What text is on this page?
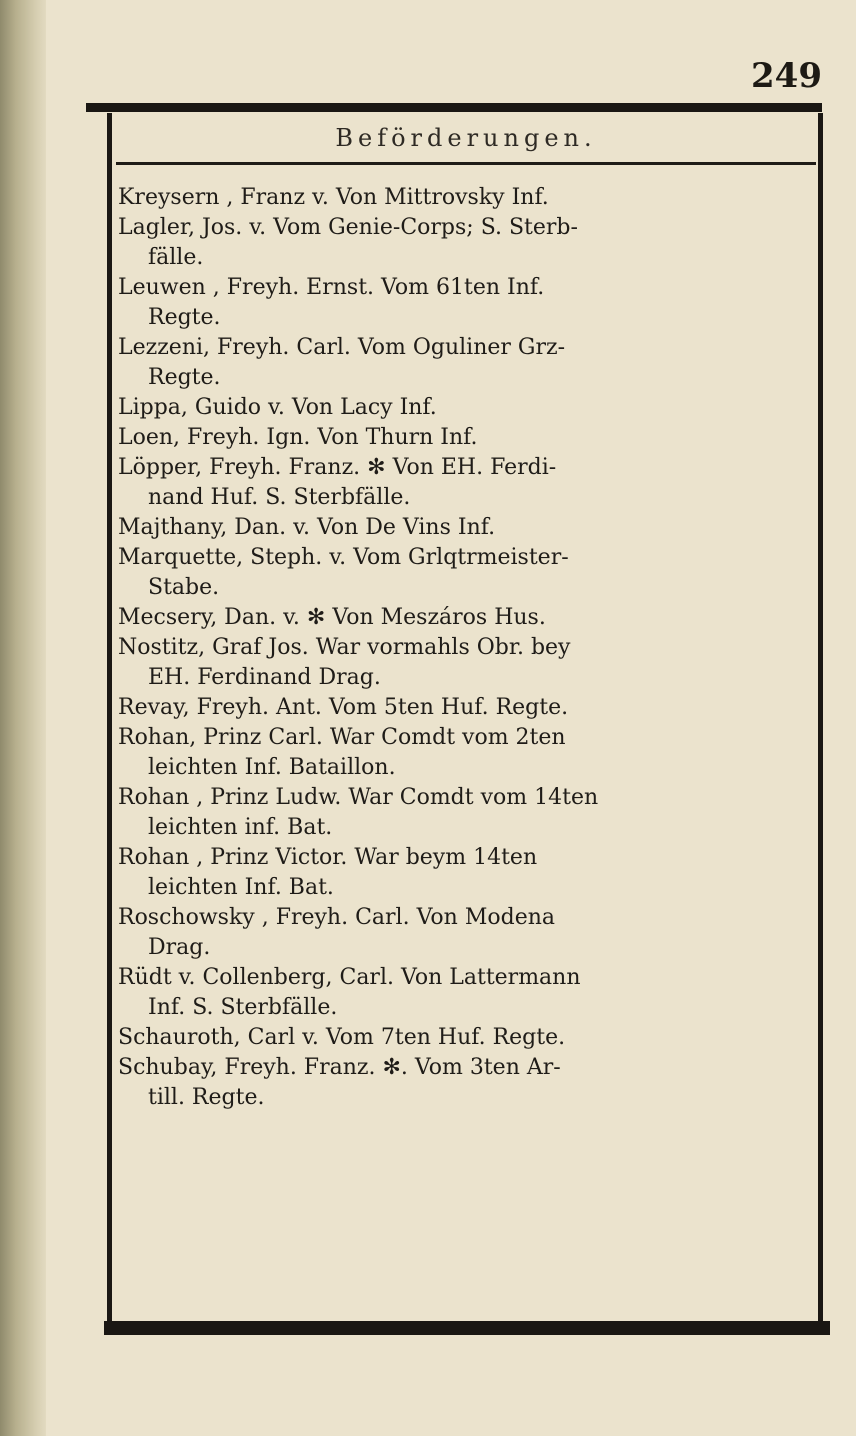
249
Beförderungen.
Kreysern , Franz v. Von Mittrovsky Inf.
Lagler, Jos. v. Vom Genie-Corps; S. Sterb-
fälle.
Leuwen , Freyh. Ernst. Vom 61ten Inf.
Regte.
Lezzeni, Freyh. Carl. Vom Oguliner Grz-
Regte.
Lippa, Guido v. Von Lacy Inf.
Loen, Freyh. Ign. Von Thurn Inf.
Löpper, Freyh. Franz. ✻ Von EH. Ferdi-
nand Huf. S. Sterbfälle.
Majthany, Dan. v. Von De Vins Inf.
Marquette, Steph. v. Vom Grlqtrmeister-
Stabe.
Mecsery, Dan. v. ✻ Von Meszáros Hus.
Nostitz, Graf Jos. War vormahls Obr. bey
EH. Ferdinand Drag.
Revay, Freyh. Ant. Vom 5ten Huf. Regte.
Rohan, Prinz Carl. War Comdt vom 2ten
leichten Inf. Bataillon.
Rohan , Prinz Ludw. War Comdt vom 14ten
leichten inf. Bat.
Rohan , Prinz Victor. War beym 14ten
leichten Inf. Bat.
Roschowsky , Freyh. Carl. Von Modena
Drag.
Rüdt v. Collenberg, Carl. Von Lattermann
Inf. S. Sterbfälle.
Schauroth, Carl v. Vom 7ten Huf. Regte.
Schubay, Freyh. Franz. ✻. Vom 3ten Ar-
till. Regte.
